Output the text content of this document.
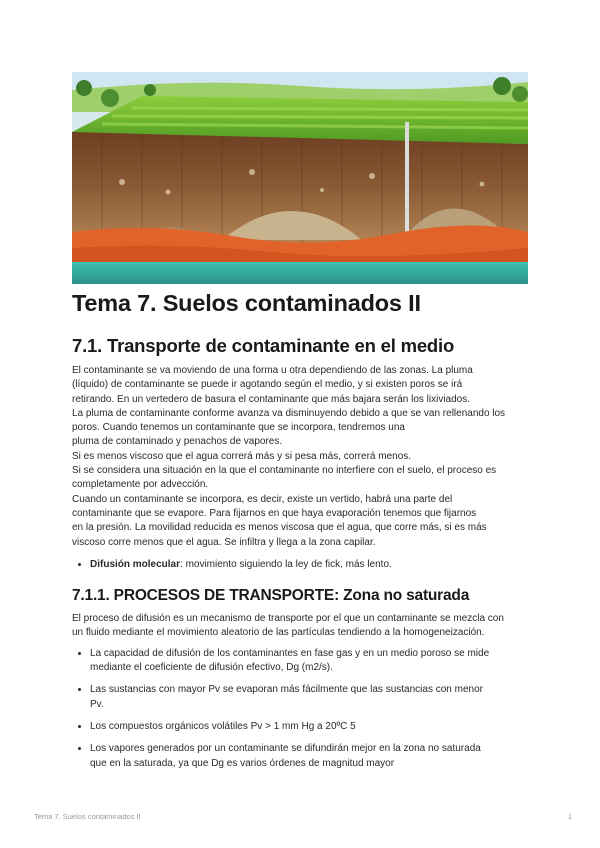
Tema 7. Suelos contaminados II
7.1. Transporte de contaminante en el medio

El contaminante se va moviendo de una forma u otra dependiendo de las zonas. La pluma

(líquido) de contaminante se puede ir agotando según el medio, y si existen poros se irá

retirando. En un vertedero de basura el contaminante que más bajara serán los lixiviados.

La pluma de contaminante conforme avanza va disminuyendo debido a que se van rellenando los

poros. Cuando tenemos un contaminante que se incorpora, tendremos una

pluma de contaminado y penachos de vapores.

Si es menos viscoso que el agua correrá más y si pesa más, correrá menos.

Si se considera una situación en la que el contaminante no interfiere con el suelo, el proceso es

completamente por advección.

Cuando un contaminante se incorpora, es decir, existe un vertido, habrá una parte del

contaminante que se evapore. Para fijarnos en que haya evaporación tenemos que fijarnos

en la presión. La movilidad reducida es menos viscosa que el agua, que corre más, si es más

viscoso corre menos que el agua. Se infiltra y llega a la zona capilar.

• Difusión molecular: movimiento siguiendo la ley de fick, más lento.
7.1.1. PROCESOS DE TRANSPORTE: Zona no saturada

El proceso de difusión es un mecanismo de transporte por el que un contaminante se mezcla con

un fluido mediante el movimiento aleatorio de las partículas tendiendo a la homogeneización.

• La capacidad de difusión de los contaminantes en fase gas y en un medio poroso se mide
mediante el coeficiente de difusión efectivo, Dg (m2/s).
• Las sustancias con mayor Pv se evaporan más fácilmente que las sustancias con menor
Pv.
• Los compuestos orgánicos volátiles Pv > 1 mm Hg a 20ºC 5
• Los vapores generados por un contaminante se difundirán mejor en la zona no saturada
que en la saturada, ya que Dg es varios órdenes de magnitud mayor
Tema 7. Suelos contaminados II	1
